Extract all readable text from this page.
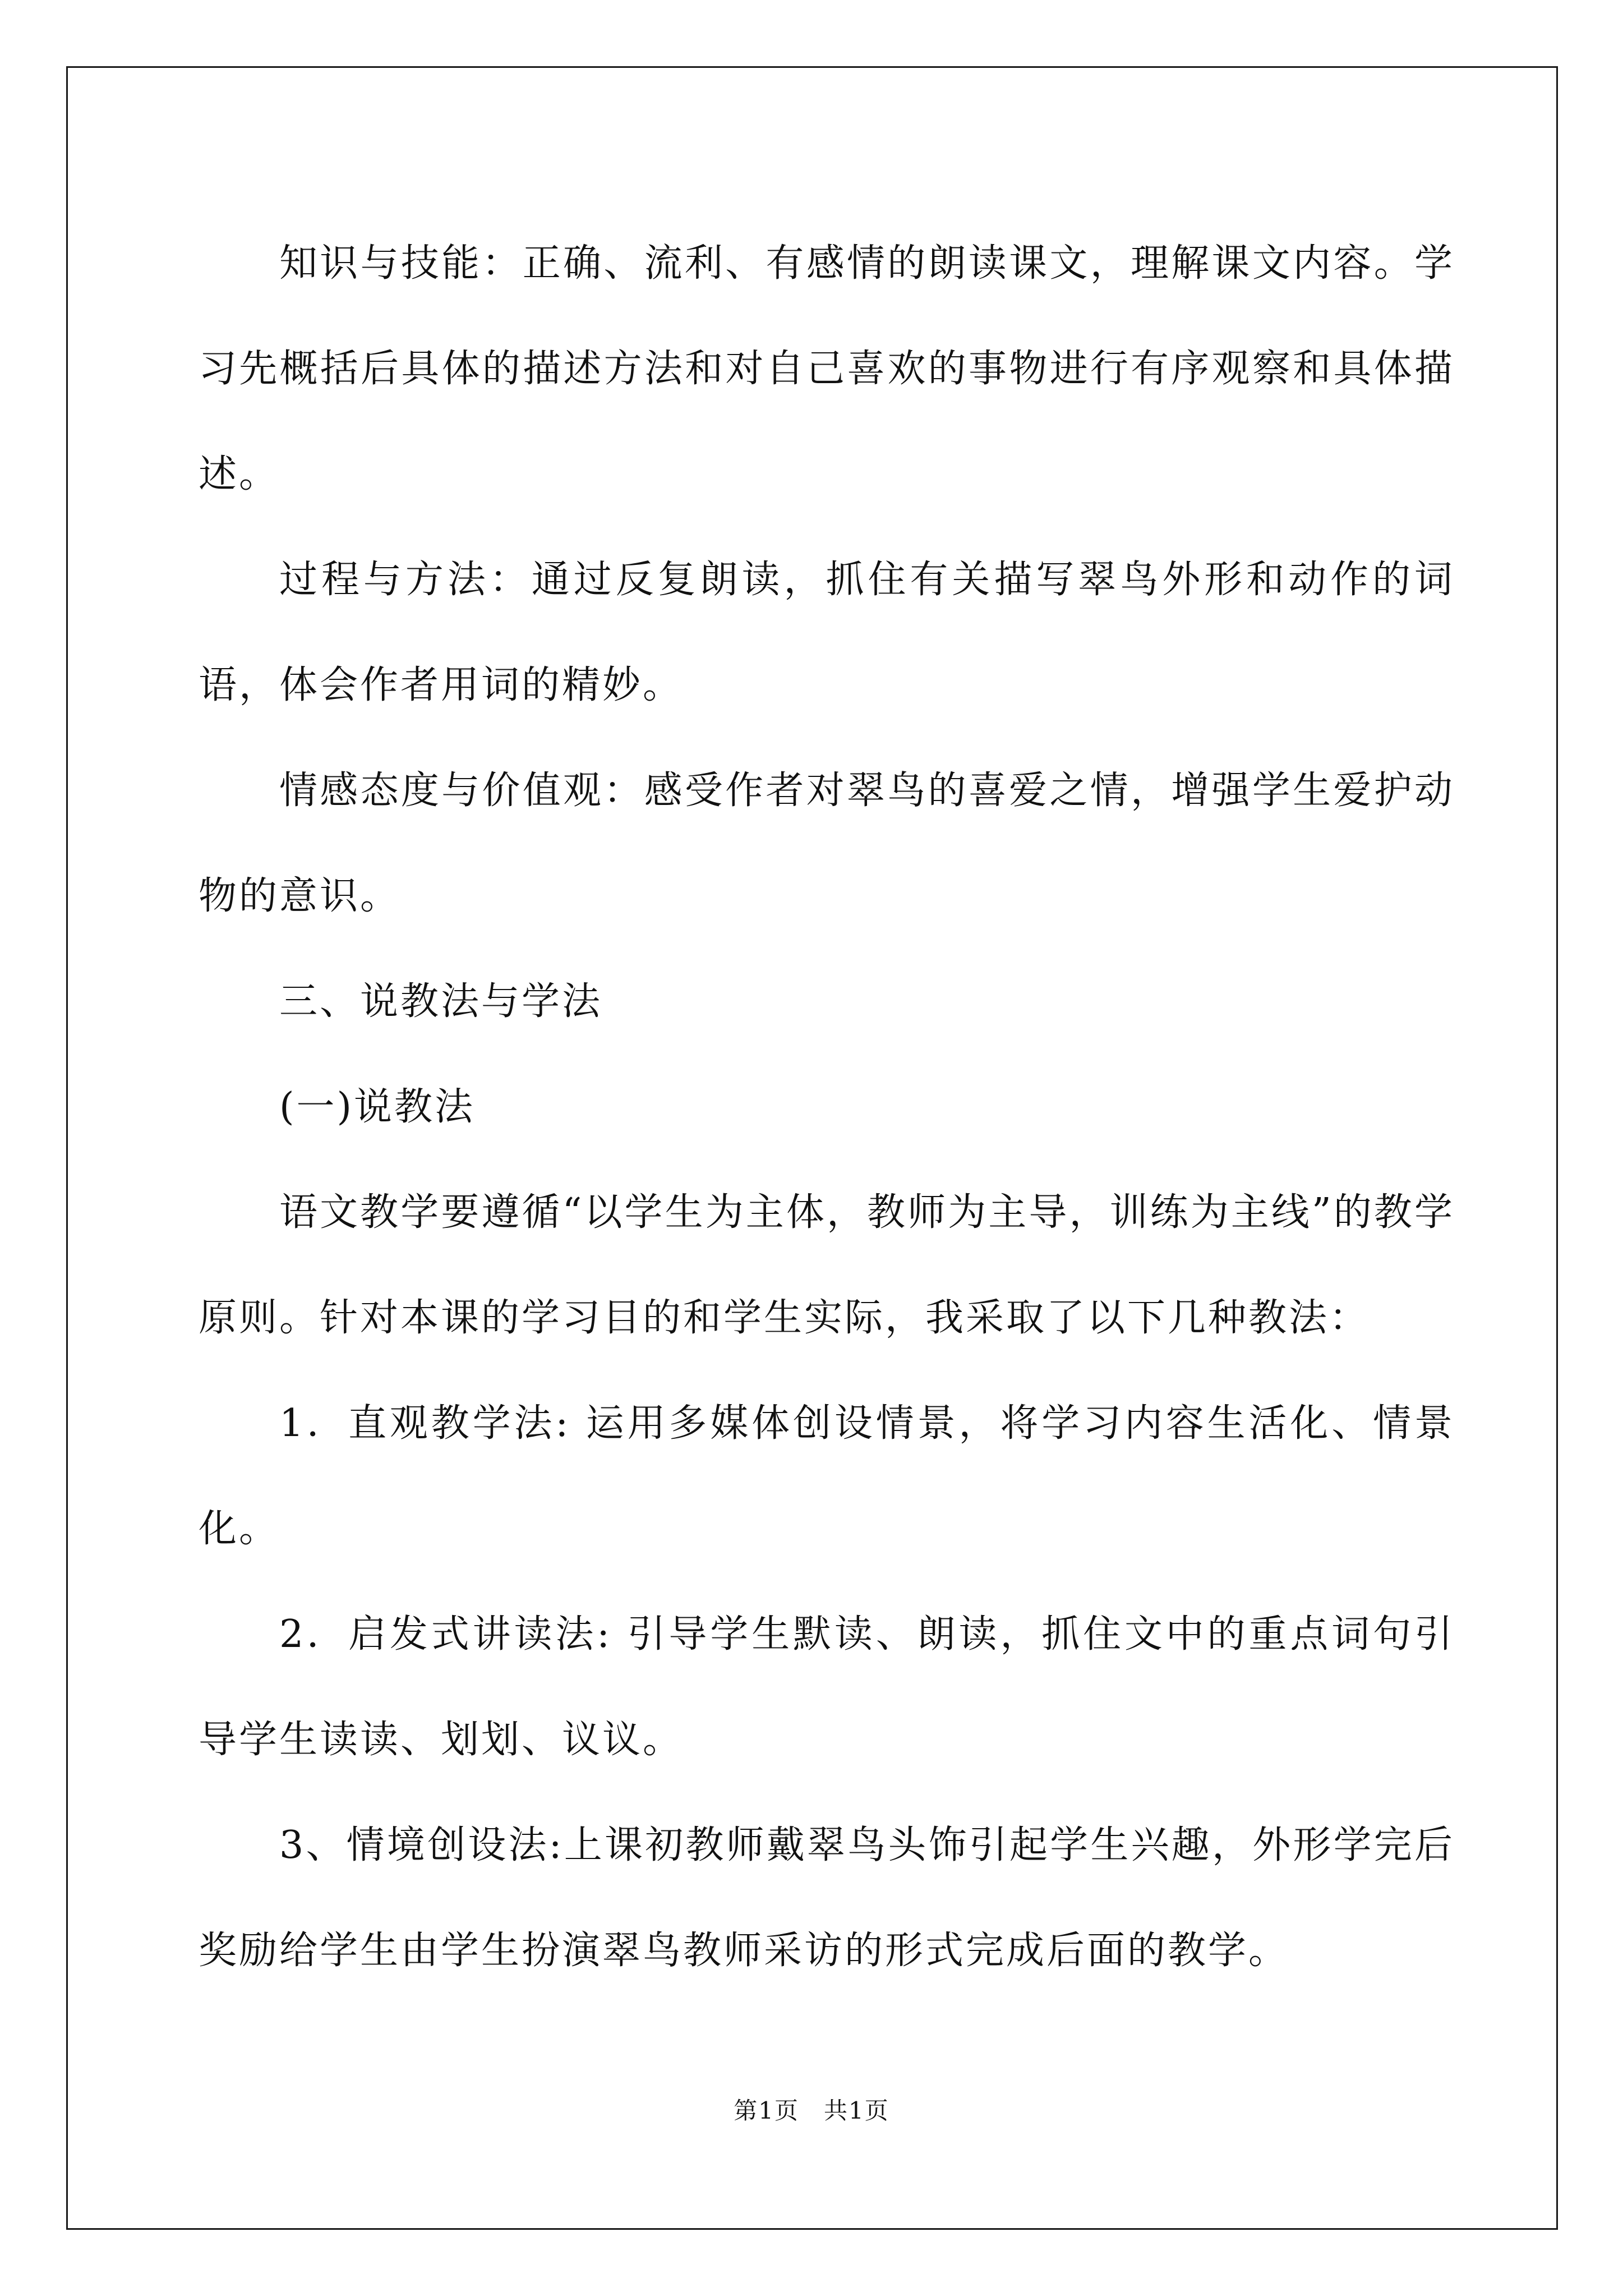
知识与技能：正确、流利、有感情的朗读课文，理解课文内容。学习先概括后具体的描述方法和对自己喜欢的事物进行有序观察和具体描述。

过程与方法：通过反复朗读，抓住有关描写翠鸟外形和动作的词语，体会作者用词的精妙。

情感态度与价值观：感受作者对翠鸟的喜爱之情，增强学生爱护动物的意识。

三、说教法与学法

(一)说教法

语文教学要遵循“以学生为主体，教师为主导，训练为主线”的教学原则。针对本课的学习目的和学生实际，我采取了以下几种教法：

1．直观教学法: 运用多媒体创设情景，将学习内容生活化、情景化。

2．启发式讲读法: 引导学生默读、朗读，抓住文中的重点词句引导学生读读、划划、议议。

3、情境创设法:上课初教师戴翠鸟头饰引起学生兴趣，外形学完后奖励给学生由学生扮演翠鸟教师采访的形式完成后面的教学。

第1页　共1页
